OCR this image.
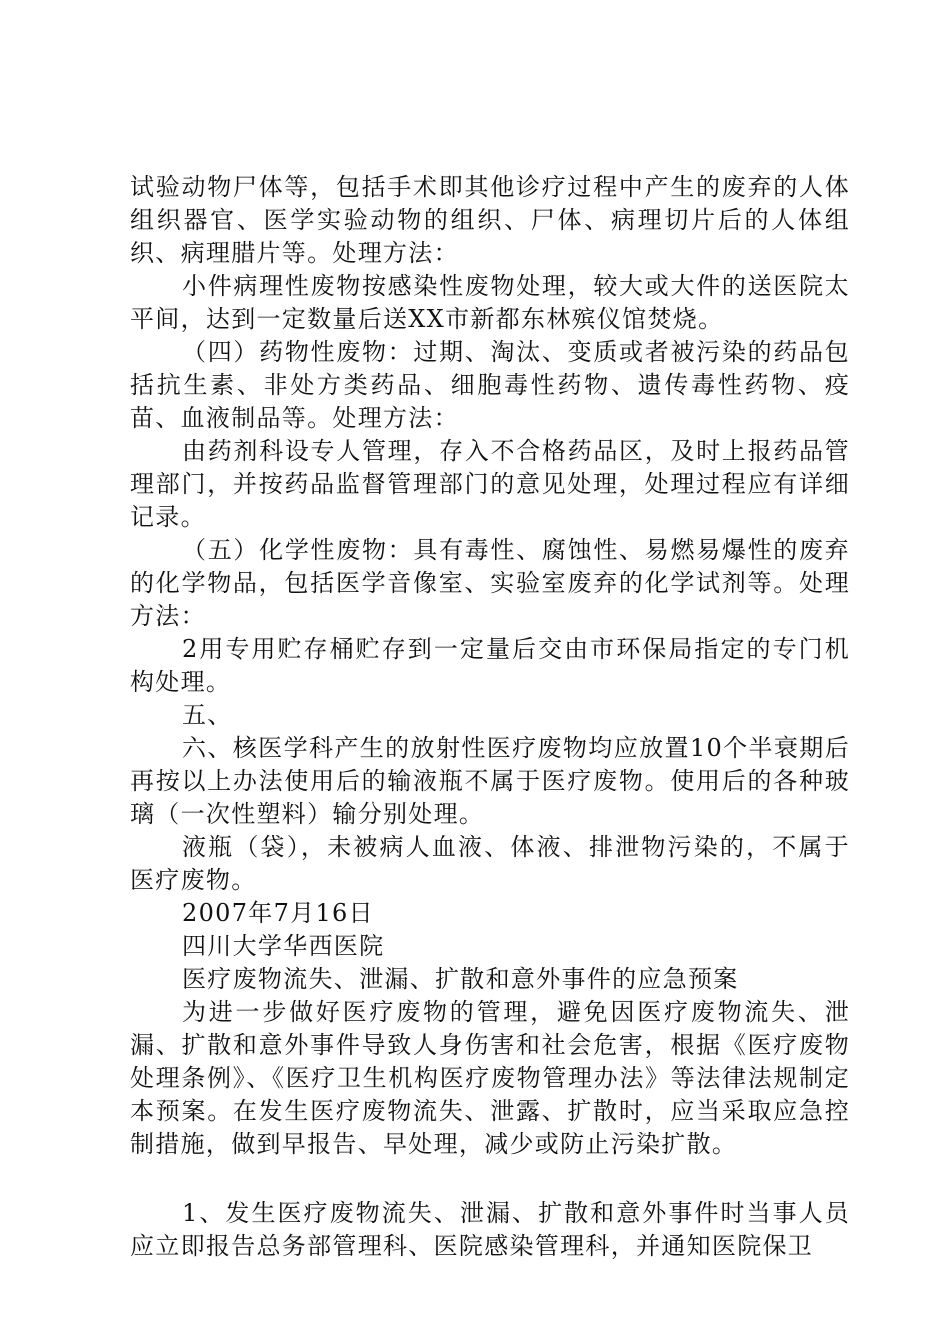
试验动物尸体等，包括手术即其他诊疗过程中产生的废弃的人体组织器官、医学实验动物的组织、尸体、病理切片后的人体组织、病理腊片等。处理方法：

小件病理性废物按感染性废物处理，较大或大件的送医院太平间，达到一定数量后送XX市新都东林殡仪馆焚烧。

（四）药物性废物：过期、淘汰、变质或者被污染的药品包括抗生素、非处方类药品、细胞毒性药物、遗传毒性药物、疫苗、血液制品等。处理方法：

由药剂科设专人管理，存入不合格药品区，及时上报药品管理部门，并按药品监督管理部门的意见处理，处理过程应有详细记录。

（五）化学性废物：具有毒性、腐蚀性、易燃易爆性的废弃的化学物品，包括医学音像室、实验室废弃的化学试剂等。处理方法：

2用专用贮存桶贮存到一定量后交由市环保局指定的专门机构处理。

五、

六、核医学科产生的放射性医疗废物均应放置10个半衰期后再按以上办法使用后的输液瓶不属于医疗废物。使用后的各种玻璃（一次性塑料）输分别处理。

液瓶（袋），未被病人血液、体液、排泄物污染的，不属于医疗废物。

2007年7月16日

四川大学华西医院

医疗废物流失、泄漏、扩散和意外事件的应急预案

为进一步做好医疗废物的管理，避免因医疗废物流失、泄漏、扩散和意外事件导致人身伤害和社会危害，根据《医疗废物处理条例》、《医疗卫生机构医疗废物管理办法》等法律法规制定本预案。在发生医疗废物流失、泄露、扩散时，应当采取应急控制措施，做到早报告、早处理，减少或防止污染扩散。

1、发生医疗废物流失、泄漏、扩散和意外事件时当事人员应立即报告总务部管理科、医院感染管理科，并通知医院保卫
